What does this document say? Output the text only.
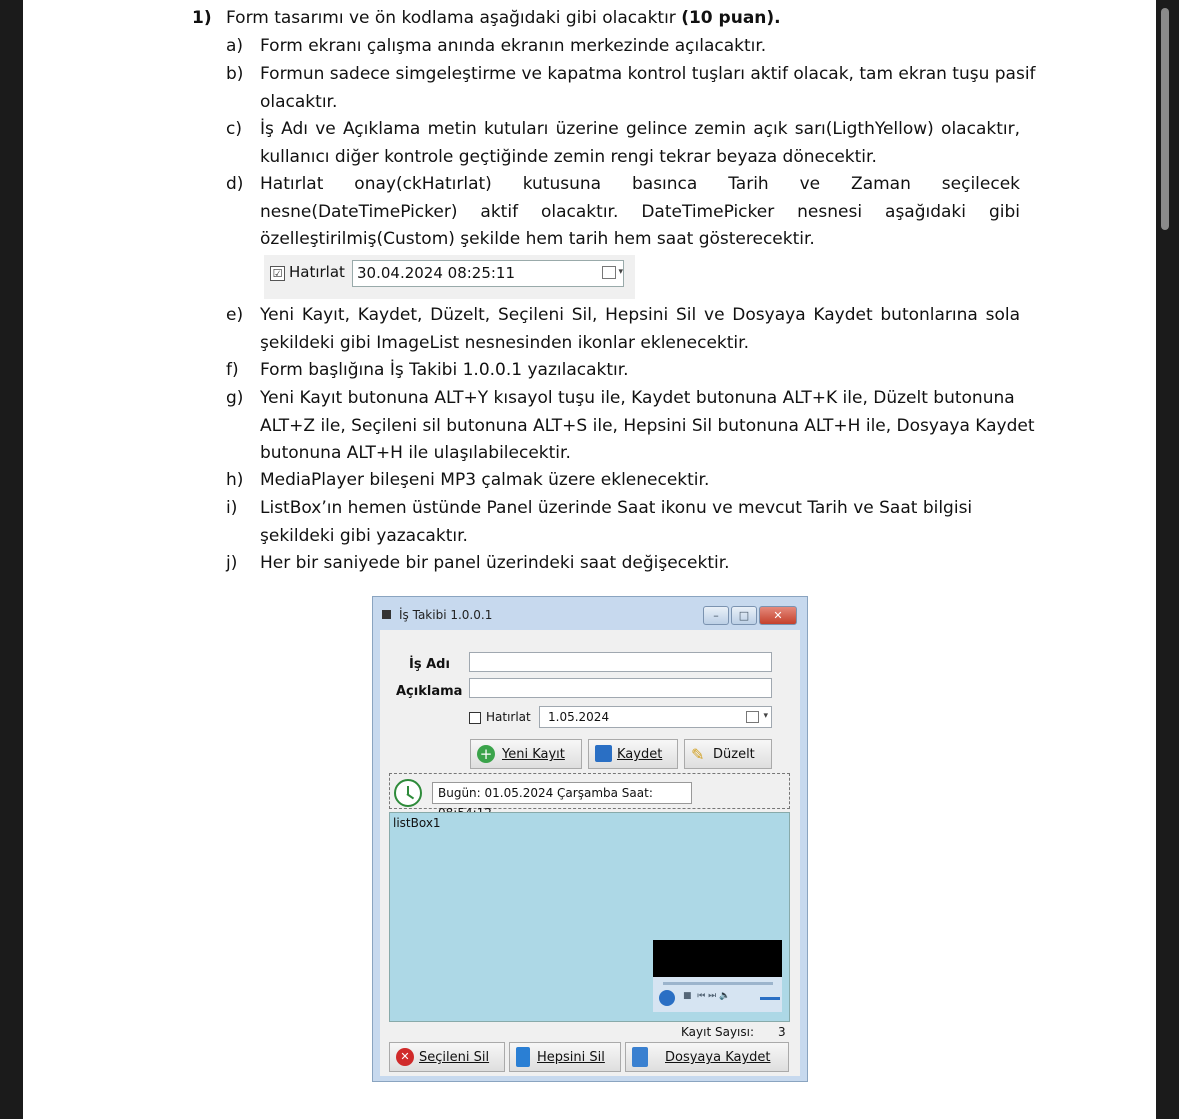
1) Form tasarımı ve ön kodlama aşağıdaki gibi olacaktır (10 puan).
a) Form ekranı çalışma anında ekranın merkezinde açılacaktır.
b) Formun sadece simgeleştirme ve kapatma kontrol tuşları aktif olacak, tam ekran tuşu pasif
olacaktır.
c)	İş Adı ve Açıklama metin kutuları üzerine gelince zemin açık sarı(LigthYellow) olacaktır,
kullanıcı diğer kontrole geçtiğinde zemin rengi tekrar beyaza dönecektir.
d) Hatırlat onay(ckHatırlat) kutusuna basınca Tarih ve Zaman seçilecek
nesne(DateTimePicker) aktif olacaktır. DateTimePicker nesnesi aşağıdaki gibi
özelleştirilmiş(Custom) şekilde hem tarih hem saat gösterecektir.
☑ Hatırlat 30.04.2024 08:25:11	▾
e) Yeni Kayıt, Kaydet, Düzelt, Seçileni Sil, Hepsini Sil ve Dosyaya Kaydet butonlarına sola
şekildeki gibi ImageList nesnesinden ikonlar eklenecektir.
f)	Form başlığına İş Takibi 1.0.0.1 yazılacaktır.
g) Yeni Kayıt butonuna ALT+Y kısayol tuşu ile, Kaydet butonuna ALT+K ile, Düzelt butonuna
ALT+Z ile, Seçileni sil butonuna ALT+S ile, Hepsini Sil butonuna ALT+H ile, Dosyaya Kaydet
butonuna ALT+H ile ulaşılabilecektir.
h) MediaPlayer bileşeni MP3 çalmak üzere eklenecektir.
i)	ListBox’ın hemen üstünde Panel üzerinde Saat ikonu ve mevcut Tarih ve Saat bilgisi
şekildeki gibi yazacaktır.
j)	Her bir saniyede bir panel üzerindeki saat değişecektir.
İş Takibi 1.0.0.1	–	□	✕
İş Adı
Açıklama
Hatırlat 1.05.2024	▾
+ Yeni Kayıt	Kaydet ✎ Düzelt
Bugün: 01.05.2024 Çarşamba Saat:
listBox1
■  ⏮ ⏭ 🔈
Kayıt Sayısı: 3
✕ Seçileni Sil	Hepsini Sil	Dosyaya Kaydet
